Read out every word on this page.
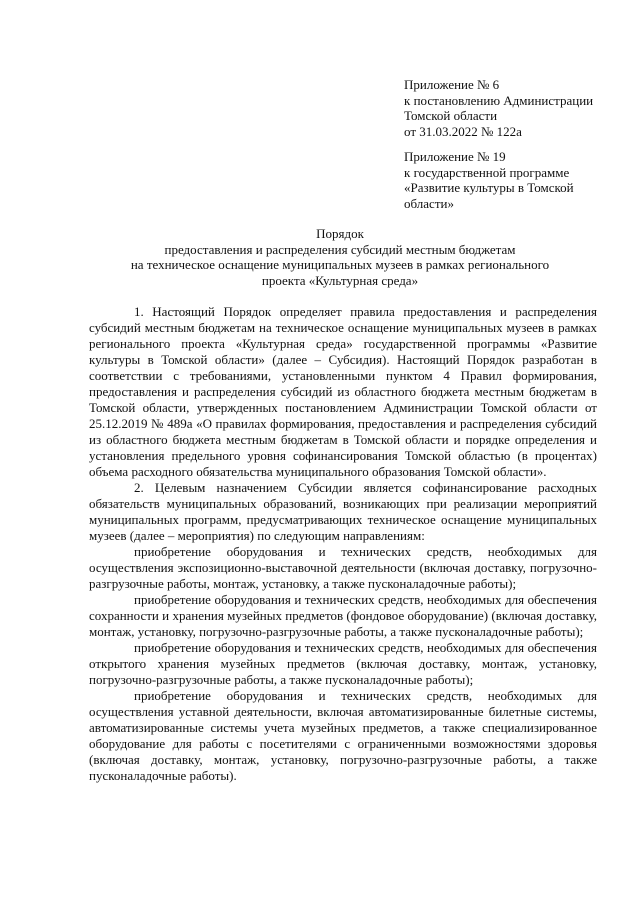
Приложение № 6
к постановлению Администрации
Томской области
от 31.03.2022 № 122а
Приложение № 19
к государственной программе
«Развитие культуры в Томской
области»
Порядок
предоставления и распределения субсидий местным бюджетам
на техническое оснащение муниципальных музеев в рамках регионального
проекта «Культурная среда»

1. Настоящий Порядок определяет правила предоставления и распределения субсидий местным бюджетам на техническое оснащение муниципальных музеев в рамках регионального проекта «Культурная среда» государственной программы «Развитие культуры в Томской области» (далее – Субсидия). Настоящий Порядок разработан в соответствии с требованиями, установленными пунктом 4 Правил формирования, предоставления и распределения субсидий из областного бюджета местным бюджетам в Томской области, утвержденных постановлением Администрации Томской области от 25.12.2019 № 489а «О правилах формирования, предоставления и распределения субсидий из областного бюджета местным бюджетам в Томской области и порядке определения и установления предельного уровня софинансирования Томской областью (в процентах) объема расходного обязательства муниципального образования Томской области».

2. Целевым назначением Субсидии является софинансирование расходных обязательств муниципальных образований, возникающих при реализации мероприятий муниципальных программ, предусматривающих техническое оснащение муниципальных музеев (далее – мероприятия) по следующим направлениям:

приобретение оборудования и технических средств, необходимых для осуществления экспозиционно-выставочной деятельности (включая доставку, погрузочно-разгрузочные работы, монтаж, установку, а также пусконаладочные работы);

приобретение оборудования и технических средств, необходимых для обеспечения сохранности и хранения музейных предметов (фондовое оборудование) (включая доставку, монтаж, установку, погрузочно-разгрузочные работы, а также пусконаладочные работы);

приобретение оборудования и технических средств, необходимых для обеспечения открытого хранения музейных предметов (включая доставку, монтаж, установку, погрузочно-разгрузочные работы, а также пусконаладочные работы);

приобретение оборудования и технических средств, необходимых для осуществления уставной деятельности, включая автоматизированные билетные системы, автоматизированные системы учета музейных предметов, а также специализированное оборудование для работы с посетителями с ограниченными возможностями здоровья (включая доставку, монтаж, установку, погрузочно-разгрузочные работы, а также пусконаладочные работы).
